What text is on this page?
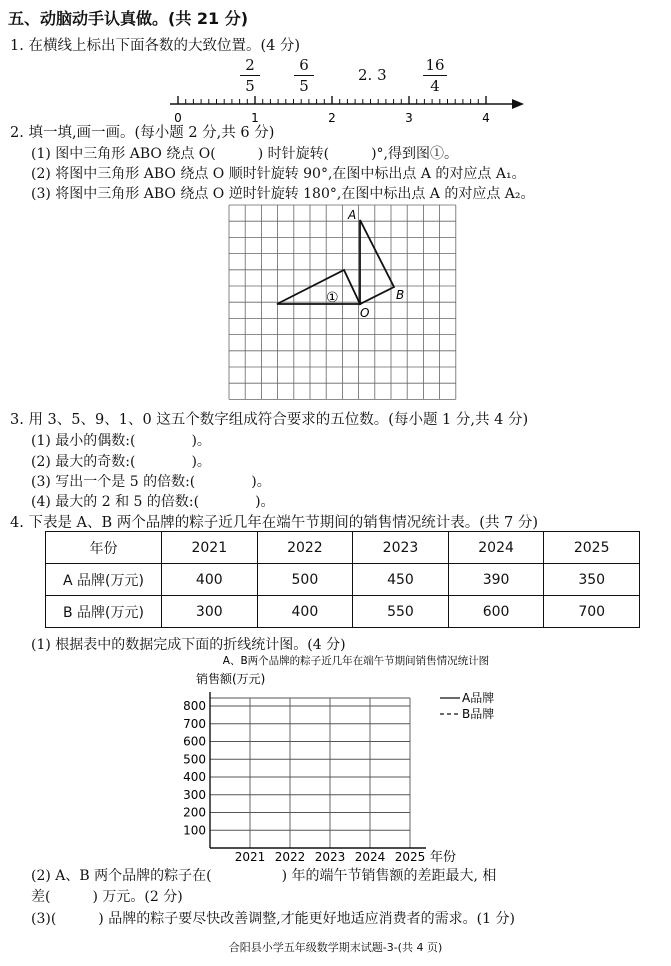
五、动脑动手认真做。(共 21 分)
1. 在横线上标出下面各数的大致位置。(4 分)
2
5
6
5
2. 3
16
4
0	1	2	3	4
2. 填一填,画一画。(每小题 2 分,共 6 分)
(1) 图中三角形 ABO 绕点 O(　　　) 时针旋转(　　　)°,得到图①。
(2) 将图中三角形 ABO 绕点 O 顺时针旋转 90°,在图中标出点 A 的对应点 A₁。
(3) 将图中三角形 ABO 绕点 O 逆时针旋转 180°,在图中标出点 A 的对应点 A₂。
A
B
O
①
3. 用 3、5、9、1、0 这五个数字组成符合要求的五位数。(每小题 1 分,共 4 分)
(1) 最小的偶数:(　　　　)。
(2) 最大的奇数:(　　　　)。
(3) 写出一个是 5 的倍数:(　　　　)。
(4) 最大的 2 和 5 的倍数:(　　　　)。
4. 下表是 A、B 两个品牌的粽子近几年在端午节期间的销售情况统计表。(共 7 分)
年份	2021	2022	2023	2024	2025
A 品牌(万元)	400	500	450	390	350
B 品牌(万元)	300	400	550	600	700
(1) 根据表中的数据完成下面的折线统计图。(4 分)
A、B两个品牌的粽子近几年在端午节期间销售情况统计图
销售额(万元)
100
200
300
400
500
600
700
800
2021 2022 2023 2024 2025 年份
A品牌
B品牌
(2) A、B 两个品牌的粽子在(　　　　　) 年的端午节销售额的差距最大, 相
差(　　　) 万元。(2 分)
(3)(　　　) 品牌的粽子要尽快改善调整,才能更好地适应消费者的需求。(1 分)
合阳县小学五年级数学期末试题-3-(共 4 页)
